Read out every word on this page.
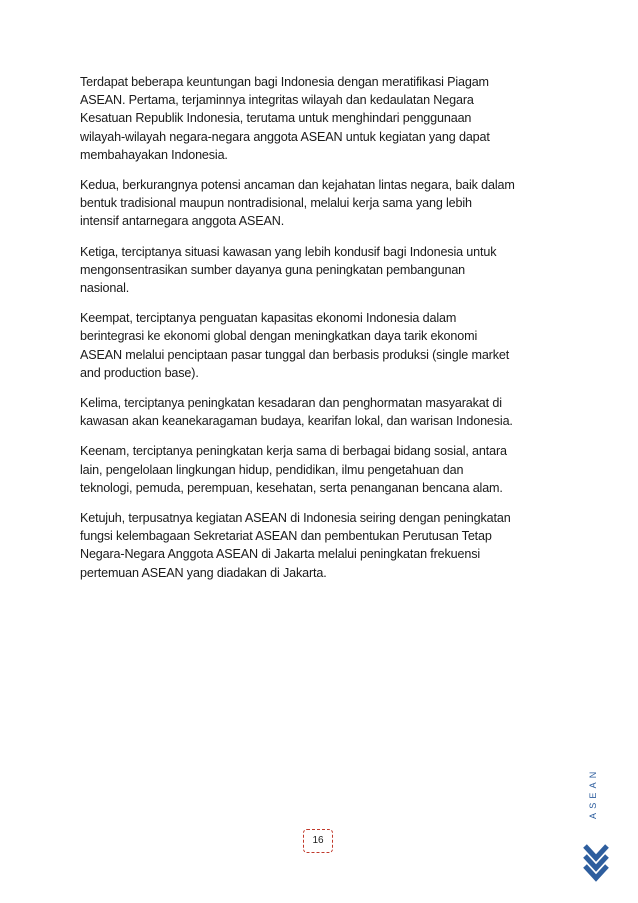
Terdapat beberapa keuntungan bagi Indonesia dengan meratifikasi Piagam
ASEAN. Pertama, terjaminnya integritas wilayah dan kedaulatan Negara
Kesatuan Republik Indonesia, terutama untuk menghindari penggunaan
wilayah-wilayah negara-negara anggota ASEAN untuk kegiatan yang dapat
membahayakan Indonesia.

Kedua, berkurangnya potensi ancaman dan kejahatan lintas negara, baik dalam
bentuk tradisional maupun nontradisional, melalui kerja sama yang lebih
intensif antarnegara anggota ASEAN.

Ketiga, terciptanya situasi kawasan yang lebih kondusif bagi Indonesia untuk
mengonsentrasikan sumber dayanya guna peningkatan pembangunan
nasional.

Keempat, terciptanya penguatan kapasitas ekonomi Indonesia dalam
berintegrasi ke ekonomi global dengan meningkatkan daya tarik ekonomi
ASEAN melalui penciptaan pasar tunggal dan berbasis produksi (single market
and production base).

Kelima, terciptanya peningkatan kesadaran dan penghormatan masyarakat di
kawasan akan keanekaragaman budaya, kearifan lokal, dan warisan Indonesia.

Keenam, terciptanya peningkatan kerja sama di berbagai bidang sosial, antara
lain, pengelolaan lingkungan hidup, pendidikan, ilmu pengetahuan dan
teknologi, pemuda, perempuan, kesehatan, serta penanganan bencana alam.

Ketujuh, terpusatnya kegiatan ASEAN di Indonesia seiring dengan peningkatan
fungsi kelembagaan Sekretariat ASEAN dan pembentukan Perutusan Tetap
Negara-Negara Anggota ASEAN di Jakarta melalui peningkatan frekuensi
pertemuan ASEAN yang diadakan di Jakarta.

ASEAN
16
